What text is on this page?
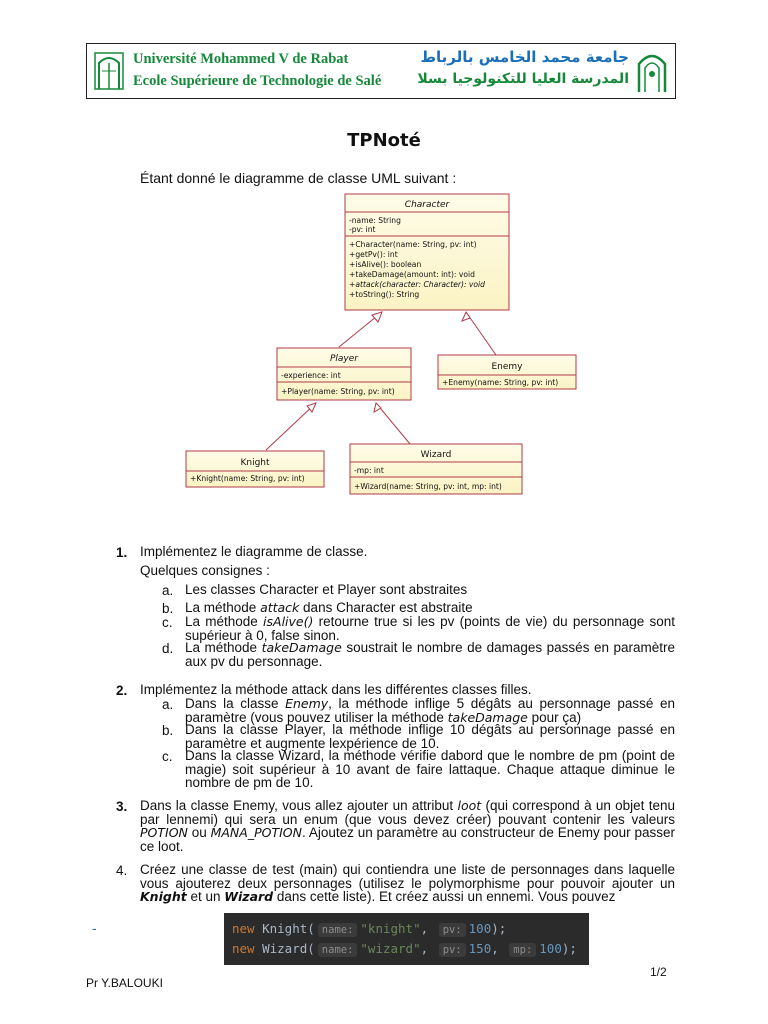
Université Mohammed V de Rabat
Ecole Supérieure de Technologie de Salé
جامعة محمد الخامس بالرباط
المدرسة العليا للتكنولوجيا بسلا
TPNoté
Étant donné le diagramme de classe UML suivant :
Character
-name: String
-pv: int
+Character(name: String, pv: int)
+getPv(): int
+isAlive(): boolean
+takeDamage(amount: int): void
+attack(character: Character): void
+toString(): String
Player
-experience: int
+Player(name: String, pv: int)
Enemy
+Enemy(name: String, pv: int)
Knight
+Knight(name: String, pv: int)
Wizard
-mp: int
+Wizard(name: String, pv: int, mp: int)
1. Implémentez le diagramme de classe.
Quelques consignes :
a. Les classes Character et Player sont abstraites
b. La méthode attack dans Character est abstraite
c. La méthode isAlive() retourne true si les pv (points de vie) du personnage sont supérieur à 0, false sinon.
d. La méthode takeDamage soustrait le nombre de damages passés en paramètre aux pv du personnage.
2. Implémentez la méthode attack dans les différentes classes filles.
a. Dans la classe Enemy, la méthode inflige 5 dégâts au personnage passé en paramètre (vous pouvez utiliser la méthode takeDamage pour ça)
b. Dans la classe Player, la méthode inflige 10 dégâts au personnage passé en paramètre et augmente lexpérience de 10.
c. Dans la classe Wizard, la méthode vérifie dabord que le nombre de pm (point de magie) soit supérieur à 10 avant de faire lattaque. Chaque attaque diminue le nombre de pm de 10.
3. Dans la classe Enemy, vous allez ajouter un attribut loot (qui correspond à un objet tenu par lennemi) qui sera un enum (que vous devez créer) pouvant contenir les valeurs POTION ou MANA_POTION. Ajoutez un paramètre au constructeur de Enemy pour passer ce loot.
4. Créez une classe de test (main) qui contiendra une liste de personnages dans laquelle vous ajouterez deux personnages (utilisez le polymorphisme pour pouvoir ajouter un Knight et un Wizard dans cette liste). Et créez aussi un ennemi. Vous pouvez
-	new Knight( name: "knight", pv: 100);
new Wizard( name: "wizard", pv: 150, mp: 100);
1/2
Pr Y.BALOUKI
